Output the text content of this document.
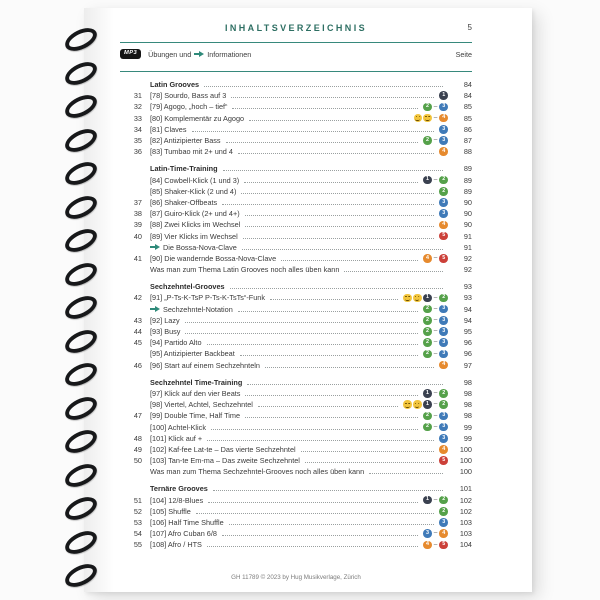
INHALTSVERZEICHNIS	5
MP3	Übungen und Informationen	Seite
Latin Grooves	84
31 [78] Sourdo, Bass auf 3	1	84
32 [79] Agogo, „hoch – tief“	2 – 3	85
33 [80] Komplementär zu Agogo	– 4	85
34 [81] Claves	3	86
35 [82] Antizipierter Bass	2 – 3	87
36 [83] Tumbao mit 2+ und 4	4	88
Latin-Time-Training	89
[84] Cowbell-Klick (1 und 3)	1 – 2	89
[85] Shaker-Klick (2 und 4)	2	89
37 [86] Shaker-Offbeats	3	90
38 [87] Guiro-Klick (2+ und 4+)	3	90
39 [88] Zwei Klicks im Wechsel	4	90
40 [89] Vier Klicks im Wechsel	5	91
Die Bossa-Nova-Clave	91
41 [90] Die wandernde Bossa-Nova-Clave	4 – 5	92
Was man zum Thema Latin Grooves noch alles üben kann	92
Sechzehntel-Grooves	93
42 [91] „P-Ts-K-TsP P-Ts-K-TsTs“-Funk	1 – 2	93
Sechzehntel-Notation	2 – 3	94
43 [92] Lazy	2 – 3	94
44 [93] Busy	2 – 3	95
45 [94] Partido Alto	2 – 3	96
[95] Antizipierter Backbeat	2 – 3	96
46 [96] Start auf einem Sechzehnteln	4	97
Sechzehntel Time-Training	98
[97] Klick auf den vier Beats	1 – 2	98
[98] Viertel, Achtel, Sechzehntel	1 – 2	98
47 [99] Double Time, Half Time	2 – 3	98
[100] Achtel-Klick	2 – 3	99
48 [101] Klick auf +	3	99
49 [102] Kaf-fee Lat-te – Das vierte Sechzehntel	4	100
50 [103] Tan-te Em-ma – Das zweite Sechzehntel	5	100
Was man zum Thema Sechzehntel-Grooves noch alles üben kann	100
Ternäre Grooves	101
51 [104] 12/8-Blues	1 – 2	102
52 [105] Shuffle	2	102
53 [106] Half Time Shuffle	3	103
54 [107] Afro Cuban 6/8	3 – 4	103
55 [108] Afro / HTS	4 – 5	104
GH 11789 © 2023 by Hug Musikverlage, Zürich
